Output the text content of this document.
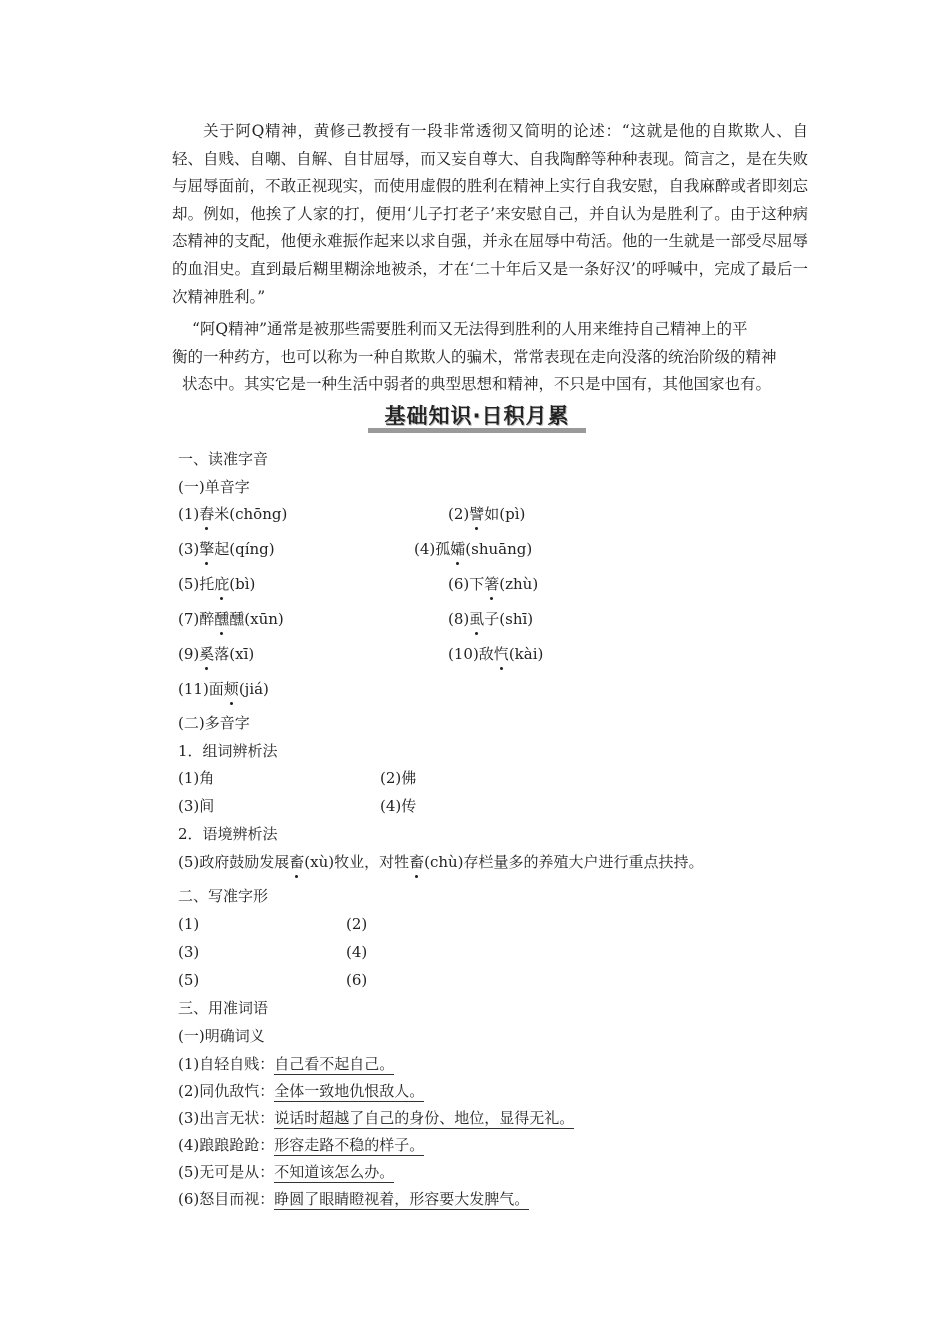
关于阿Q精神，黄修己教授有一段非常透彻又简明的论述：“这就是他的自欺欺人、自轻、自贱、自嘲、自解、自甘屈辱，而又妄自尊大、自我陶醉等种种表现。简言之，是在失败与屈辱面前，不敢正视现实，而使用虚假的胜利在精神上实行自我安慰，自我麻醉或者即刻忘却。例如，他挨了人家的打，便用‘儿子打老子’来安慰自己，并自认为是胜利了。由于这种病态精神的支配，他便永难振作起来以求自强，并永在屈辱中苟活。他的一生就是一部受尽屈辱的血泪史。直到最后糊里糊涂地被杀，才在‘二十年后又是一条好汉’的呼喊中，完成了最后一次精神胜利。”

“阿Q精神”通常是被那些需要胜利而又无法得到胜利的人用来维持自己精神上的平

衡的一种药方，也可以称为一种自欺欺人的骗术，常常表现在走向没落的统治阶级的精神

状态中。其实它是一种生活中弱者的典型思想和精神，不只是中国有，其他国家也有。

基础知识·日积月累
一、读准字音
(一)单音字
(1)舂米(chōng)	(2)譬如(pì)
(3)擎起(qíng)	(4)孤孀(shuāng)
(5)托庇(bì)	(6)下箸(zhù)
(7)醉醺醺(xūn)	(8)虱子(shī)
(9)奚落(xī)	(10)敌忾(kài)
(11)面颊(jiá)
(二)多音字
1．组词辨析法
(1)角	(2)佛
(3)间	(4)传
2．语境辨析法
(5)政府鼓励发展畜(xù)牧业，对牲畜(chù)存栏量多的养殖大户进行重点扶持。
二、写准字形
(1)	(2)
(3)	(4)
(5)	(6)
三、用准词语
(一)明确词义
(1)自轻自贱：自己看不起自己。
(2)同仇敌忾：全体一致地仇恨敌人。
(3)出言无状：说话时超越了自己的身份、地位，显得无礼。
(4)踉踉跄跄：形容走路不稳的样子。
(5)无可是从：不知道该怎么办。
(6)怒目而视：睁圆了眼睛瞪视着，形容要大发脾气。
